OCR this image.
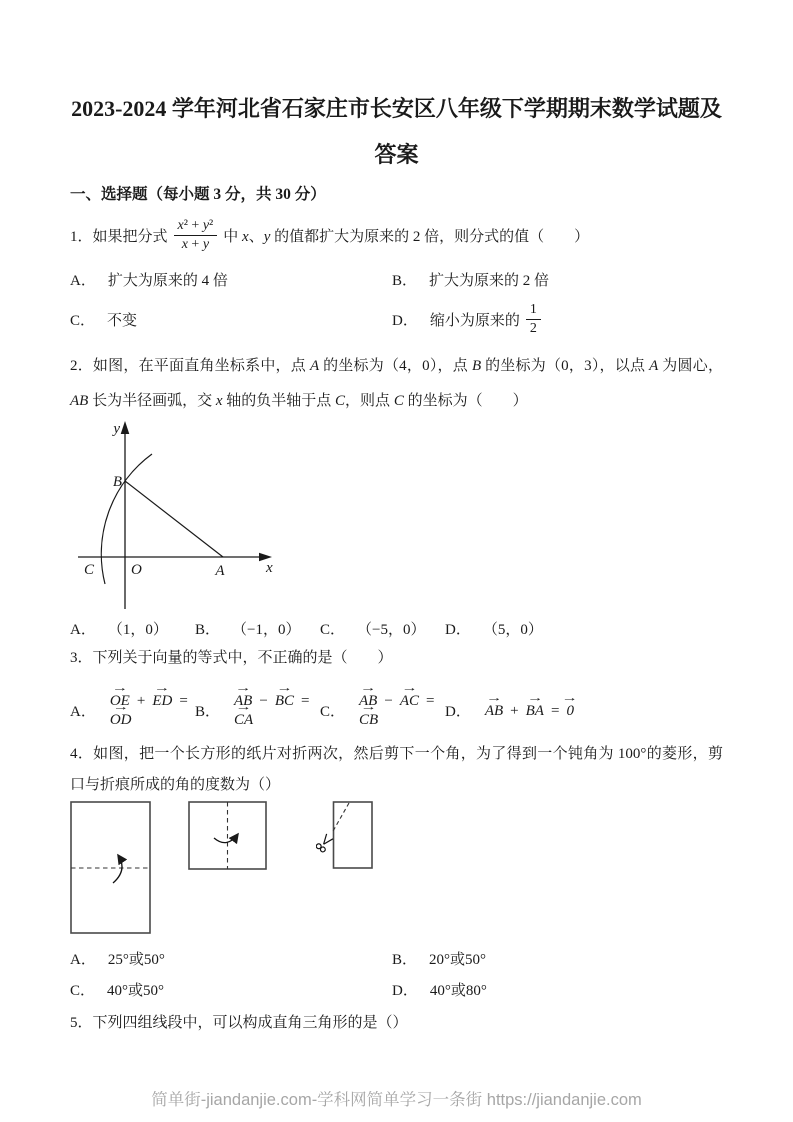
2023-2024 学年河北省石家庄市长安区八年级下学期期末数学试题及
答案
一、选择题（每小题 3 分，共 30 分）
1．如果把分式 $\frac{\text{x² + y²}}{x + y}$ 中 x、y 的值都扩大为原来的 2 倍，则分式的值（　　）
A． 扩大为原来的 4 倍	B． 扩大为原来的 2 倍
C． 不变	D． 缩小为原来的 $\frac{1}{2}$

2．如图，在平面直角坐标系中，点 A 的坐标为（4，0），点 B 的坐标为（0，3），以点 A 为圆心，AB 长为半径画弧，交 x 轴的负半轴于点 C，则点 C 的坐标为（　　）

y
x
O
B
A
C
A． （1，0） B． （−1，0） C． （−5，0） D． （5，0）

3．下列关于向量的等式中，不正确的是（　　）

A．
→ OE + → ED =→ OD
B．
→ AB − → BC =→ CA
C．
→ AB − → AC =→ CB
D． → AB + → BA = → 0

4．如图，把一个长方形的纸片对折两次，然后剪下一个角，为了得到一个钝角为 100°的菱形，剪口与折痕所成的角的度数为（）

A． 25°或50°	B． 20°或50°
C． 40°或50°	D． 40°或80°

5．下列四组线段中，可以构成直角三角形的是（）

简单街-jiandanjie.com-学科网简单学习一条街 https://jiandanjie.com
